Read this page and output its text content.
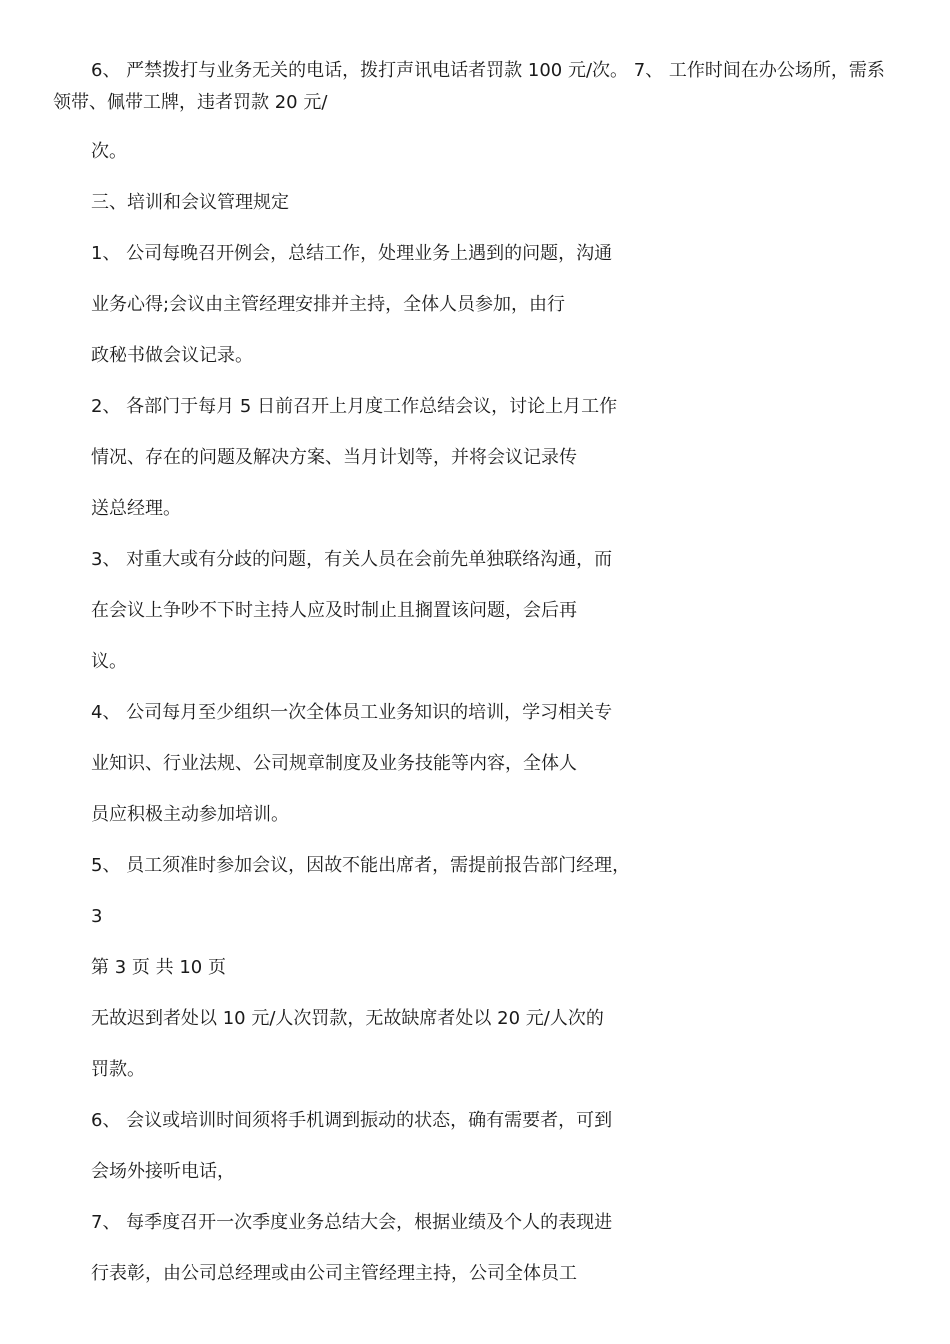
6、 严禁拨打与业务无关的电话，拨打声讯电话者罚款 100 元/次。 7、 工作时间在办公场所，需系领带、佩带工牌，违者罚款 20 元/
次。
三、培训和会议管理规定
1、 公司每晚召开例会，总结工作，处理业务上遇到的问题，沟通
业务心得;会议由主管经理安排并主持，全体人员参加，由行
政秘书做会议记录。
2、 各部门于每月 5 日前召开上月度工作总结会议，讨论上月工作
情况、存在的问题及解决方案、当月计划等，并将会议记录传
送总经理。
3、 对重大或有分歧的问题，有关人员在会前先单独联络沟通，而
在会议上争吵不下时主持人应及时制止且搁置该问题，会后再
议。
4、 公司每月至少组织一次全体员工业务知识的培训，学习相关专
业知识、行业法规、公司规章制度及业务技能等内容，全体人
员应积极主动参加培训。
5、 员工须准时参加会议，因故不能出席者，需提前报告部门经理，
3
第 3 页 共 10 页
无故迟到者处以 10 元/人次罚款，无故缺席者处以 20 元/人次的
罚款。
6、 会议或培训时间须将手机调到振动的状态，确有需要者，可到
会场外接听电话，
7、 每季度召开一次季度业务总结大会，根据业绩及个人的表现进
行表彰，由公司总经理或由公司主管经理主持，公司全体员工
